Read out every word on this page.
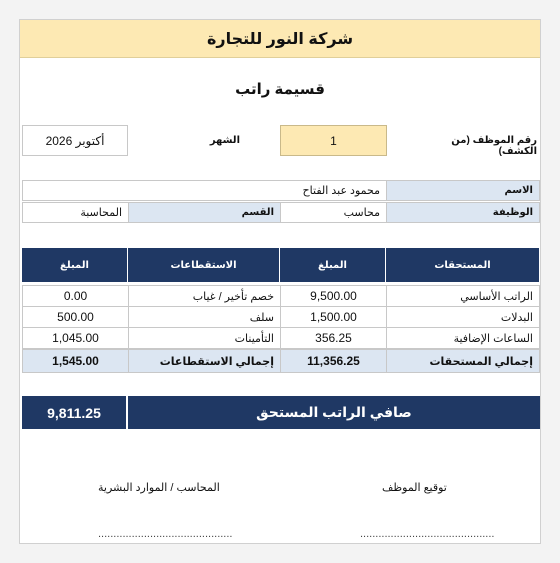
شركة النور للتجارة
قسيمة راتب
رقم الموظف (من الكشف)
1
الشهر
أكتوبر 2026
الاسم
محمود عبد الفتاح
الوظيفة
محاسب
القسم
المحاسبة
المستحقات
المبلغ
الاستقطاعات
المبلغ
الراتب الأساسي
9,500.00
خصم تأخير / غياب
0.00
البدلات
1,500.00
سلف
500.00
الساعات الإضافية
356.25
التأمينات
1,045.00
إجمالي المستحقات
11,356.25
إجمالي الاستقطاعات
1,545.00
صافي الراتب المستحق
9,811.25
توقيع الموظف
المحاسب / الموارد البشرية
............................................
............................................
